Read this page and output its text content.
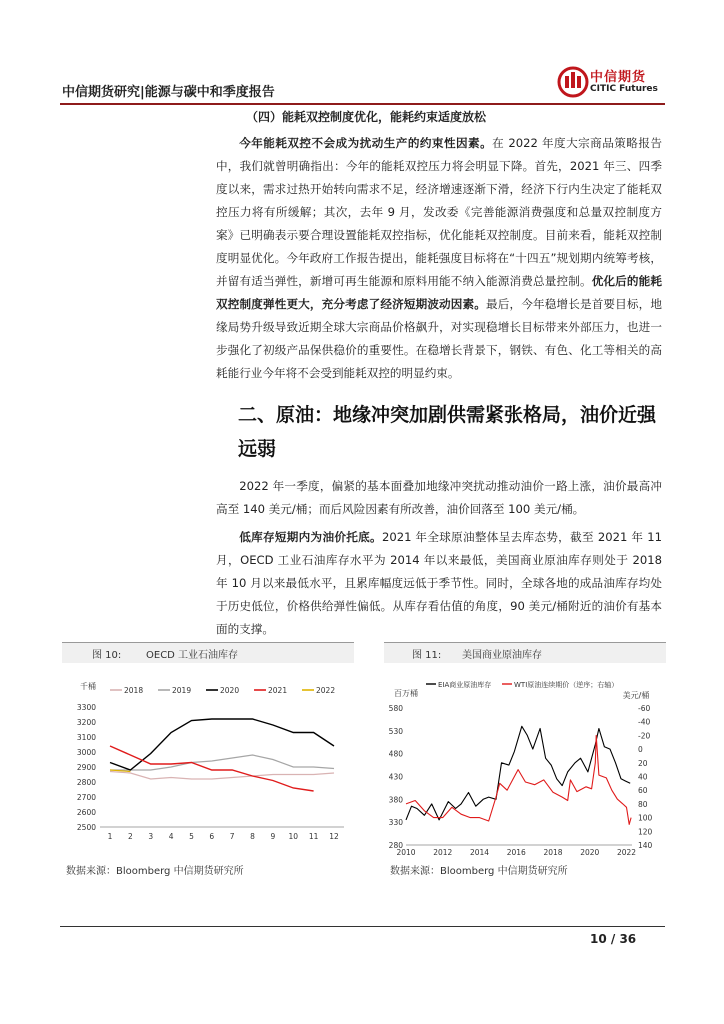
中信期货研究|能源与碳中和季度报告
中信期货
CITIC Futures
（四）能耗双控制度优化，能耗约束适度放松

今年能耗双控不会成为扰动生产的约束性因素。在 2022 年度大宗商品策略报告中，我们就曾明确指出：今年的能耗双控压力将会明显下降。首先，2021 年三、四季度以来，需求过热开始转向需求不足，经济增速逐渐下滑，经济下行内生决定了能耗双控压力将有所缓解；其次，去年 9 月，发改委《完善能源消费强度和总量双控制度方案》已明确表示要合理设置能耗双控指标，优化能耗双控制度。目前来看，能耗双控制度明显优化。今年政府工作报告提出，能耗强度目标将在“十四五”规划期内统筹考核，并留有适当弹性，新增可再生能源和原料用能不纳入能源消费总量控制。优化后的能耗双控制度弹性更大，充分考虑了经济短期波动因素。最后，今年稳增长是首要目标，地缘局势升级导致近期全球大宗商品价格飙升，对实现稳增长目标带来外部压力，也进一步强化了初级产品保供稳价的重要性。在稳增长背景下，钢铁、有色、化工等相关的高耗能行业今年将不会受到能耗双控的明显约束。

二、原油：地缘冲突加剧供需紧张格局，油价近强远弱

2022 年一季度，偏紧的基本面叠加地缘冲突扰动推动油价一路上涨，油价最高冲高至 140 美元/桶；而后风险因素有所改善，油价回落至 100 美元/桶。

低库存短期内为油价托底。2021 年全球原油整体呈去库态势，截至 2021 年 11 月，OECD 工业石油库存水平为 2014 年以来最低，美国商业原油库存则处于 2018 年 10 月以来最低水平，且累库幅度远低于季节性。同时，全球各地的成品油库存均处于历史低位，价格供给弹性偏低。从库存看估值的角度，90 美元/桶附近的油价有基本面的支撑。

图 10: OECD 工业石油库存	图 11: 美国商业原油库存
千桶	2018	2019	2020	2021	2022
2500
2600
2700
2800
2900
3000
3100
3200
3300
1 2 3 4 5 6 7 8 9 10 11 12
EIA商业原油库存	WTI原油连续期价（逆序；右轴）
百万桶	美元/桶
280
330
380
430
480
530
580	-60
-40
-20
0
20
40
60
80
100
120
140
2010 2012 2014 2016 2018 2020 2022
数据来源：Bloomberg 中信期货研究所	数据来源：Bloomberg 中信期货研究所
10 / 36
